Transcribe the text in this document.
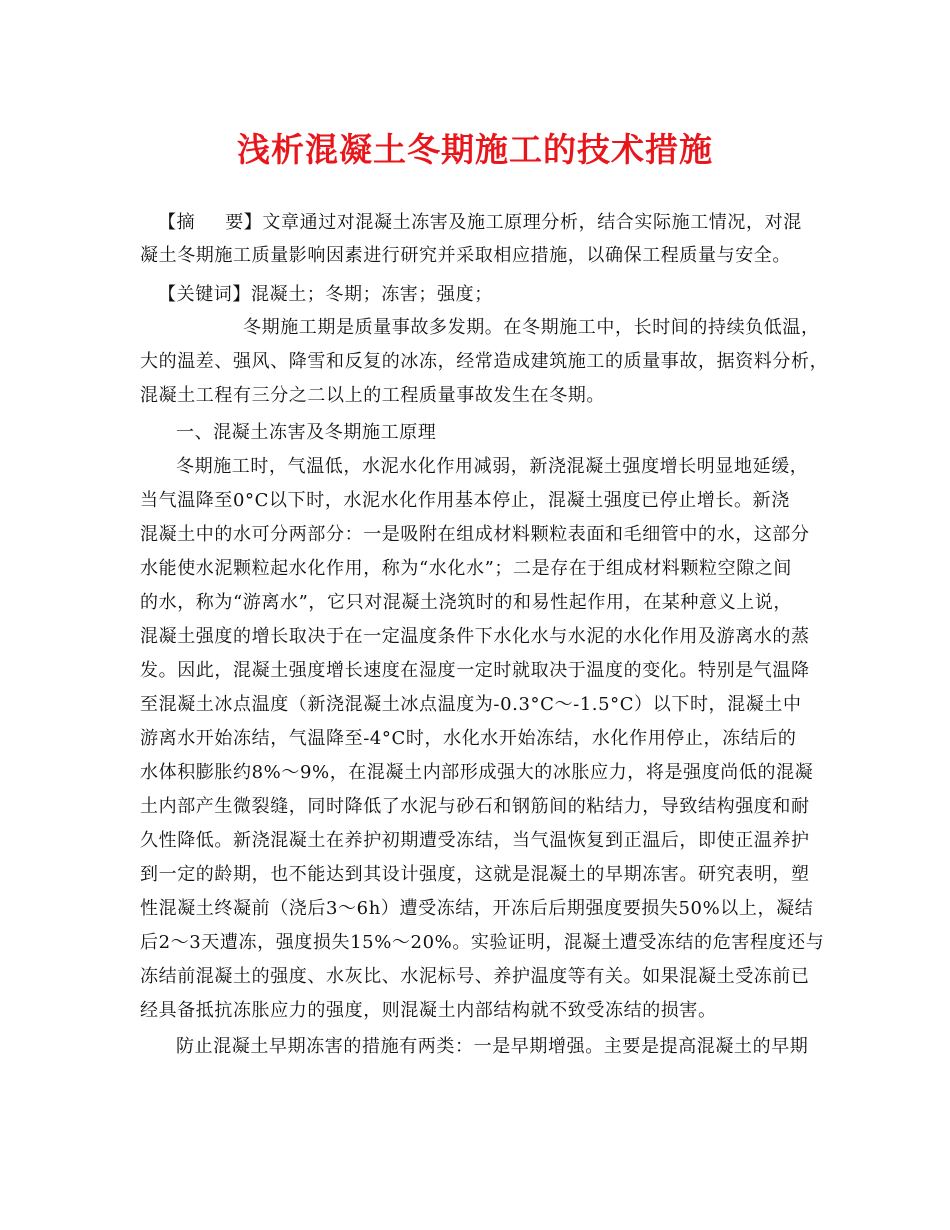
浅析混凝土冬期施工的技术措施
【摘 要】文章通过对混凝土冻害及施工原理分析，结合实际施工情况，对混
凝土冬期施工质量影响因素进行研究并采取相应措施，以确保工程质量与安全。
【关键词】混凝土；冬期；冻害；强度；
冬期施工期是质量事故多发期。在冬期施工中，长时间的持续负低温，
大的温差、强风、降雪和反复的冰冻，经常造成建筑施工的质量事故，据资料分析，
混凝土工程有三分之二以上的工程质量事故发生在冬期。
一、混凝土冻害及冬期施工原理
冬期施工时，气温低，水泥水化作用减弱，新浇混凝土强度增长明显地延缓，
当气温降至0°C以下时，水泥水化作用基本停止，混凝土强度已停止增长。新浇
混凝土中的水可分两部分：一是吸附在组成材料颗粒表面和毛细管中的水，这部分
水能使水泥颗粒起水化作用，称为“水化水”；二是存在于组成材料颗粒空隙之间
的水，称为“游离水”，它只对混凝土浇筑时的和易性起作用，在某种意义上说，
混凝土强度的增长取决于在一定温度条件下水化水与水泥的水化作用及游离水的蒸
发。因此，混凝土强度增长速度在湿度一定时就取决于温度的变化。特别是气温降
至混凝土冰点温度（新浇混凝土冰点温度为-0.3°C～-1.5°C）以下时，混凝土中
游离水开始冻结，气温降至-4°C时，水化水开始冻结，水化作用停止，冻结后的
水体积膨胀约8%～9%，在混凝土内部形成强大的冰胀应力，将是强度尚低的混凝
土内部产生微裂缝，同时降低了水泥与砂石和钢筋间的粘结力，导致结构强度和耐
久性降低。新浇混凝土在养护初期遭受冻结，当气温恢复到正温后，即使正温养护
到一定的龄期，也不能达到其设计强度，这就是混凝土的早期冻害。研究表明，塑
性混凝土终凝前（浇后3～6h）遭受冻结，开冻后后期强度要损失50%以上，凝结
后2～3天遭冻，强度损失15%～20%。实验证明，混凝土遭受冻结的危害程度还与
冻结前混凝土的强度、水灰比、水泥标号、养护温度等有关。如果混凝土受冻前已
经具备抵抗冻胀应力的强度，则混凝土内部结构就不致受冻结的损害。
防止混凝土早期冻害的措施有两类：一是早期增强。主要是提高混凝土的早期
